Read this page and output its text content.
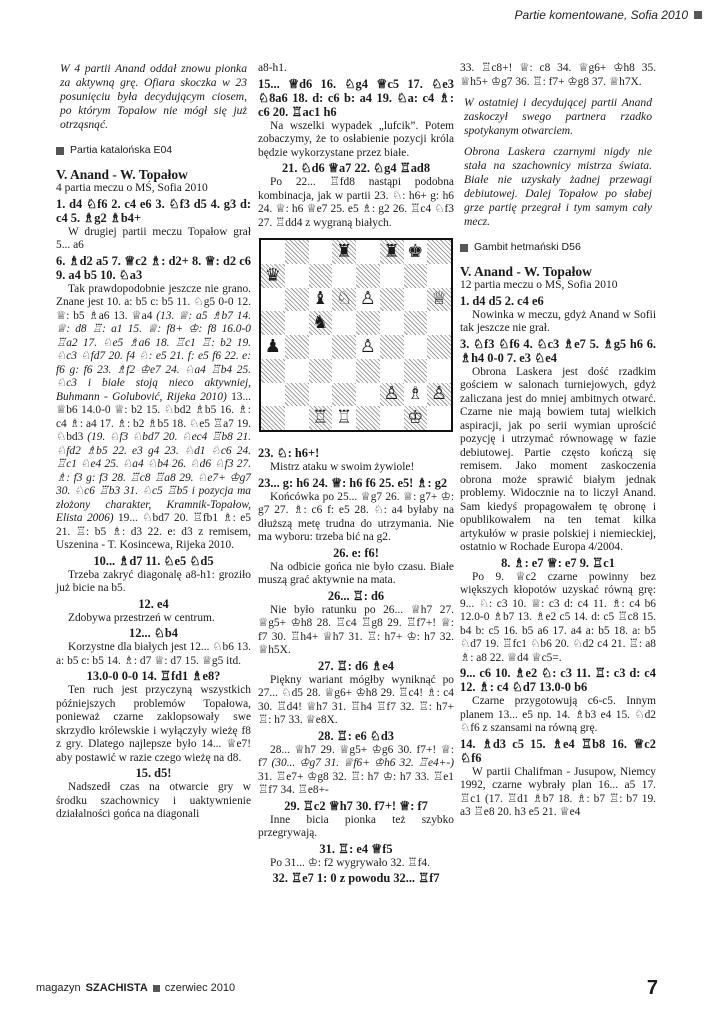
Partie komentowane, Sofia 2010

W 4 partii Anand oddał znowu pionka za aktywną grę. Ofiara skoczka w 23 posunięciu była decydującym ciosem, po którym Topałow nie mógł się już otrząsnąć.

Partia katalońska E04

V. Anand - W. Topałow

4 partia meczu o MŚ, Sofia 2010

1. d4 ♘f6 2. c4 e6 3. ♘f3 d5 4. g3 d: c4 5. ♗g2 ♗b4+

W drugiej partii meczu Topałow grał 5... a6

6. ♗d2 a5 7. ♕c2 ♗: d2+ 8. ♕: d2 c6 9. a4 b5 10. ♘a3

Tak prawdopodobnie jeszcze nie grano. Znane jest 10. a: b5 c: b5 11. ♘g5 0-0 12. ♕: b5 ♗a6 13. ♕a4 (13. ♕: a5 ♗b7 14. ♕: d8 ♖: a1 15. ♕: f8+ ♔: f8 16.0-0 ♖a2 17. ♘e5 ♗a6 18. ♖c1 ♖: b2 19. ♘c3 ♘fd7 20. f4 ♘: e5 21. f: e5 f6 22. e: f6 g: f6 23. ♗f2 ♔e7 24. ♘a4 ♖b4 25. ♘c3 i białe stoją nieco aktywniej, Buhmann - Golubović, Rijeka 2010) 13... ♕b6 14.0-0 ♕: b2 15. ♘bd2 ♗b5 16. ♗: c4 ♗: a4 17. ♗: b2 ♗b5 18. ♘e5 ♖a7 19. ♘bd3 (19. ♘f3 ♘bd7 20. ♘ec4 ♖b8 21. ♘fd2 ♗b5 22. e3 g4 23. ♘d1 ♘c6 24. ♖c1 ♘e4 25. ♘a4 ♘b4 26. ♘d6 ♘f3 27. ♗: f3 g: f3 28. ♖c8 ♖a8 29. ♘e7+ ♔g7 30. ♘c6 ♖b3 31. ♘c5 ♖b5 i pozycja ma złożony charakter, Kramnik-Topałow, Elista 2006) 19... ♘bd7 20. ♖fb1 ♗: e5 21. ♖: b5 ♗: d3 22. e: d3 z remisem, Uszenina - T. Kosincewa, Rijeka 2010.

10... ♗d7 11. ♘e5 ♘d5

Trzeba zakryć diagonalę a8-h1: groziło już bicie na b5.

12. e4

Zdobywa przestrzeń w centrum.

12... ♘b4

Korzystne dla białych jest 12... ♘b6 13. a: b5 c: b5 14. ♗: d7 ♕: d7 15. ♕g5 itd.

13.0-0 0-0 14. ♖fd1 ♗e8?

Ten ruch jest przyczyną wszystkich późniejszych problemów Topałowa, ponieważ czarne zaklopsowały swe skrzydło królewskie i wyłączyły wieżę f8 z gry. Dlatego najlepsze było 14... ♕e7! aby postawić w razie czego wieżę na d8.

15. d5!

Nadszedł czas na otwarcie gry w środku szachownicy i uaktywnienie działalności gońca na diagonali

a8-h1.

15... ♕d6 16. ♘g4 ♕c5 17. ♘e3 ♘8a6 18. d: c6 b: a4 19. ♘a: c4 ♗: c6 20. ♖ac1 h6

Na wszelki wypadek „lufcik”. Potem zobaczymy, że to osłabienie pozycji króla będzie wykorzystane przez białe.

21. ♘d6 ♕a7 22. ♘g4 ♖ad8

Po 22... ♖fd8 nastąpi podobna kombinacja, jak w partii 23. ♘: h6+ g: h6 24. ♕: h6 ♕e7 25. e5 ♗: g2 26. ♖c4 ♘f3 27. ♖dd4 z wygraną białych.

♜ ♜ ♚
♛
♝ ♘ ♙	♕
♞
♟	♙
♙ ♗ ♙
♖ ♖	♔

23. ♘: h6+!

Mistrz ataku w swoim żywiole!

23... g: h6 24. ♕: h6 f6 25. e5! ♗: g2

Końcówka po 25... ♕g7 26. ♕: g7+ ♔: g7 27. ♗: c6 f: e5 28. ♘: a4 byłaby na dłuższą metę trudna do utrzymania. Nie ma wyboru: trzeba bić na g2.

26. e: f6!

Na odbicie gońca nie było czasu. Białe muszą grać aktywnie na mata.

26... ♖: d6

Nie było ratunku po 26... ♕h7 27. ♕g5+ ♔h8 28. ♖c4 ♖g8 29. ♖f7+! ♕: f7 30. ♖h4+ ♕h7 31. ♖: h7+ ♔: h7 32. ♕h5X.

27. ♖: d6 ♗e4

Piękny wariant mógłby wyniknąć po 27... ♘d5 28. ♕g6+ ♔h8 29. ♖c4! ♗: c4 30. ♖d4! ♕h7 31. ♖h4 ♖f7 32. ♖: h7+ ♖: h7 33. ♕e8X.

28. ♖: e6 ♘d3

28... ♕h7 29. ♕g5+ ♔g6 30. f7+! ♕: f7 (30... ♔g7 31. ♕f6+ ♔h6 32. ♖e4+-) 31. ♖e7+ ♔g8 32. ♖: h7 ♔: h7 33. ♖e1 ♖f7 34. ♖e8+-

29. ♖c2 ♕h7 30. f7+! ♕: f7

Inne bicia pionka też szybko przegrywają.

31. ♖: e4 ♕f5

Po 31... ♔: f2 wygrywało 32. ♖f4.

32. ♖e7 1: 0 z powodu 32... ♖f7

33. ♖c8+! ♕: c8 34. ♕g6+ ♔h8 35. ♕h5+ ♔g7 36. ♖: f7+ ♔g8 37. ♕h7X.

W ostatniej i decydującej partii Anand zaskoczył swego partnera rzadko spotykanym otwarciem.

Obrona Laskera czarnymi nigdy nie stała na szachownicy mistrza świata. Białe nie uzyskały żadnej przewagi debiutowej. Dalej Topałow po słabej grze partię przegrał i tym samym cały mecz.

Gambit hetmański D56

V. Anand - W. Topałow

12 partia meczu o MŚ, Sofia 2010

1. d4 d5 2. c4 e6

Nowinka w meczu, gdyż Anand w Sofii tak jeszcze nie grał.

3. ♘f3 ♘f6 4. ♘c3 ♗e7 5. ♗g5 h6 6. ♗h4 0-0 7. e3 ♘e4

Obrona Laskera jest dość rzadkim gościem w salonach turniejowych, gdyż zaliczana jest do mniej ambitnych otwarć. Czarne nie mają bowiem tutaj wielkich aspiracji, jak po serii wymian uprościć pozycję i utrzymać równowagę w fazie debiutowej. Partie często kończą się remisem. Jako moment zaskoczenia obrona może sprawić białym jednak problemy. Widocznie na to liczył Anand. Sam kiedyś propagowałem tę obronę i opublikowałem na ten temat kilka artykułów w prasie polskiej i niemieckiej, ostatnio w Rochade Europa 4/2004.

8. ♗: e7 ♕: e7 9. ♖c1

Po 9. ♕c2 czarne powinny bez większych kłopotów uzyskać równą grę: 9... ♘: c3 10. ♕: c3 d: c4 11. ♗: c4 b6 12.0-0 ♗b7 13. ♗e2 c5 14. d: c5 ♖c8 15. b4 b: c5 16. b5 a6 17. a4 a: b5 18. a: b5 ♘d7 19. ♖fc1 ♘b6 20. ♘d2 c4 21. ♖: a8 ♗: a8 22. ♕d4 ♕c5=.

9... c6 10. ♗e2 ♘: c3 11. ♖: c3 d: c4 12. ♗: c4 ♘d7 13.0-0 b6

Czarne przygotowują c6-c5. Innym planem 13... e5 np. 14. ♗b3 e4 15. ♘d2 ♘f6 z szansami na równą grę.

14. ♗d3 c5 15. ♗e4 ♖b8 16. ♕c2 ♘f6

W partii Chalifman - Jusupow, Niemcy 1992, czarne wybrały plan 16... a5 17. ♖c1 (17. ♖d1 ♗b7 18. ♗: b7 ♖: b7 19. a3 ♖e8 20. h3 e5 21. ♕e4

magazyn SZACHISTA czerwiec 2010	7
